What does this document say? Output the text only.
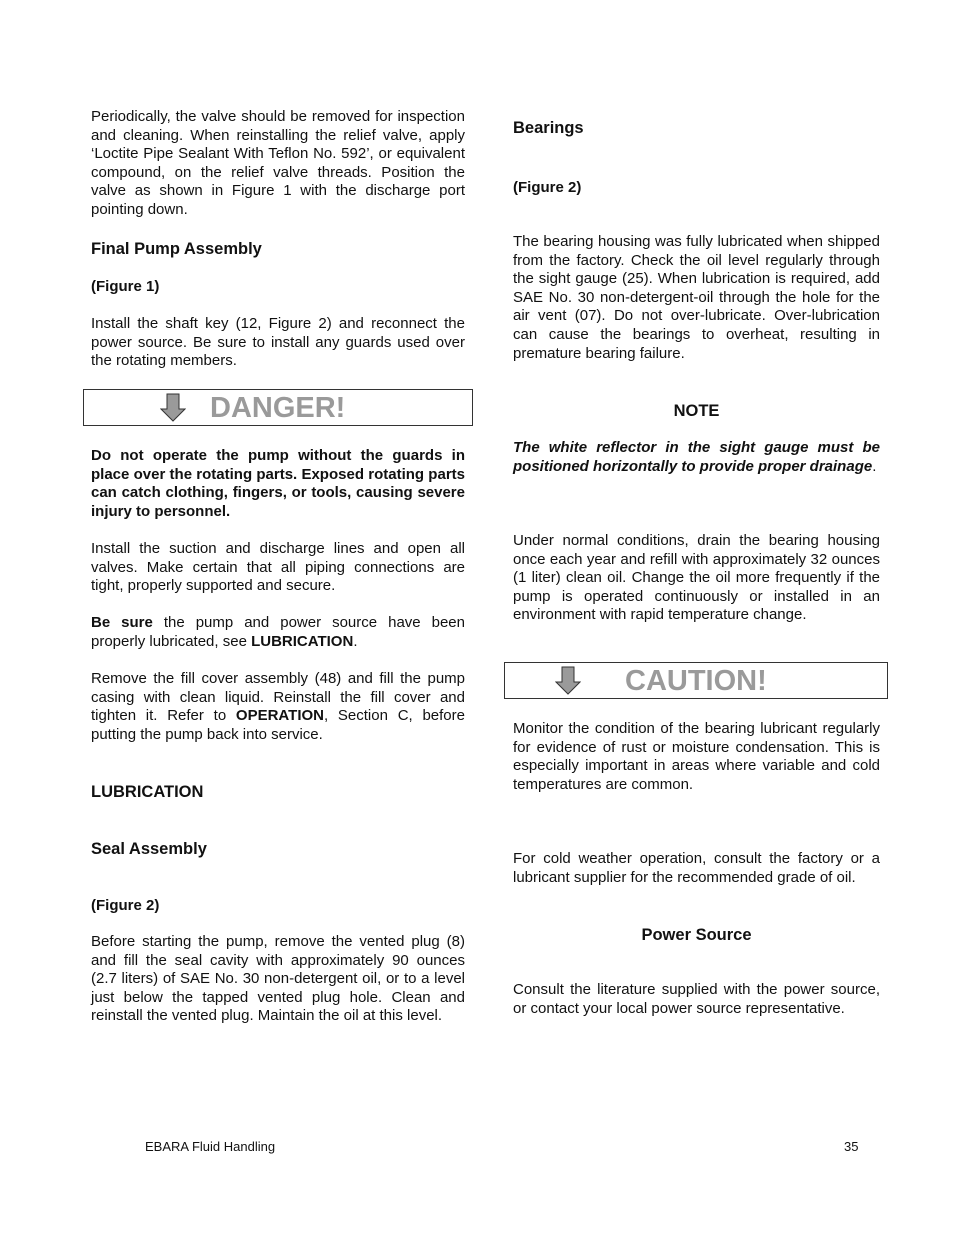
Periodically, the valve should be removed for inspection and cleaning. When reinstalling the relief valve, apply ‘Loctite Pipe Sealant With Teflon No. 592’, or equivalent compound, on the relief valve threads. Position the valve as shown in Figure 1 with the discharge port pointing down.

Final Pump Assembly

(Figure 1)

Install the shaft key (12, Figure 2) and reconnect the power source. Be sure to install any guards used over the rotating members.

Do not operate the pump without the guards in place over the rotating parts. Exposed rotating parts can catch clothing, fingers, or tools, causing severe injury to personnel.

Install the suction and discharge lines and open all valves. Make certain that all piping connections are tight, properly supported and secure.

Be sure the pump and power source have been properly lubricated, see LUBRICATION.

Remove the fill cover assembly (48) and fill the pump casing with clean liquid. Reinstall the fill cover and tighten it. Refer to OPERATION, Section C, before putting the pump back into service.

LUBRICATION

Seal Assembly

(Figure 2)

Before starting the pump, remove the vented plug (8) and fill the seal cavity with approximately 90 ounces (2.7 liters) of SAE No. 30 non-detergent oil, or to a level just below the tapped vented plug hole. Clean and reinstall the vented plug. Maintain the oil at this level.

DANGER!

Bearings

(Figure 2)

The bearing housing was fully lubricated when shipped from the factory. Check the oil level regularly through the sight gauge (25). When lubrication is required, add SAE No. 30 non-detergent-oil through the hole for the air vent (07). Do not over-lubricate. Over-lubrication can cause the bearings to overheat, resulting in premature bearing failure.

NOTE

The white reflector in the sight gauge must be positioned horizontally to provide proper drainage.

Under normal conditions, drain the bearing housing once each year and refill with approximately 32 ounces (1 liter) clean oil. Change the oil more frequently if the pump is operated continuously or installed in an environment with rapid temperature change.

Monitor the condition of the bearing lubricant regularly for evidence of rust or moisture condensation. This is especially important in areas where variable and cold temperatures are common.

For cold weather operation, consult the factory or a lubricant supplier for the recommended grade of oil.

Power Source

Consult the literature supplied with the power source, or contact your local power source representative.

CAUTION!
EBARA Fluid Handling	35
